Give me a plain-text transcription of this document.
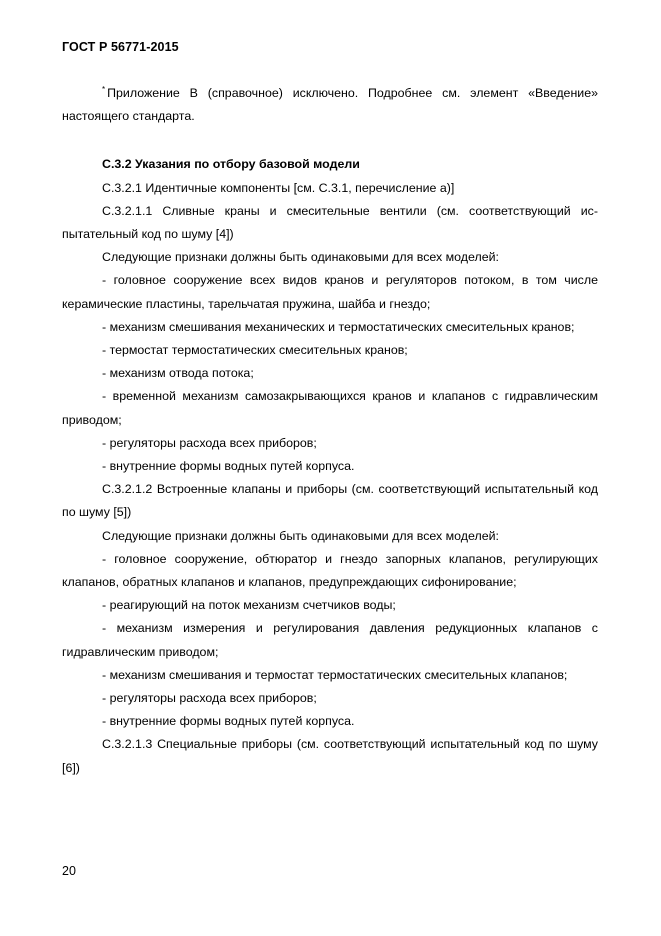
ГОСТ Р 56771-2015

* Приложение В (справочное) исключено. Подробнее см. элемент «Введение» настоящего стандарта.

С.3.2 Указания по отбору базовой модели

С.3.2.1 Идентичные компоненты [см. С.3.1, перечисление а)]

С.3.2.1.1 Сливные краны и смесительные вентили (см. соответствующий испытательный код по шуму [4])

Следующие признаки должны быть одинаковыми для всех моделей:

- головное сооружение всех видов кранов и регуляторов потоком, в том числе керамические пластины, тарельчатая пружина, шайба и гнездо;

- механизм смешивания механических и термостатических смесительных кранов;

- термостат термостатических смесительных кранов;

- механизм отвода потока;

- временной механизм самозакрывающихся кранов и клапанов с гидравлическим приводом;

- регуляторы расхода всех приборов;

- внутренние формы водных путей корпуса.

С.3.2.1.2 Встроенные клапаны и приборы (см. соответствующий испытательный код по шуму [5])

Следующие признаки должны быть одинаковыми для всех моделей:

- головное сооружение, обтюратор и гнездо запорных клапанов, регулирующих клапанов, обратных клапанов и клапанов, предупреждающих сифонирование;

- реагирующий на поток механизм счетчиков воды;

- механизм измерения и регулирования давления редукционных клапанов с гидравлическим приводом;

- механизм смешивания и термостат термостатических смесительных клапанов;

- регуляторы расхода всех приборов;

- внутренние формы водных путей корпуса.

С.3.2.1.3 Специальные приборы (см. соответствующий испытательный код по шуму [6])

20
